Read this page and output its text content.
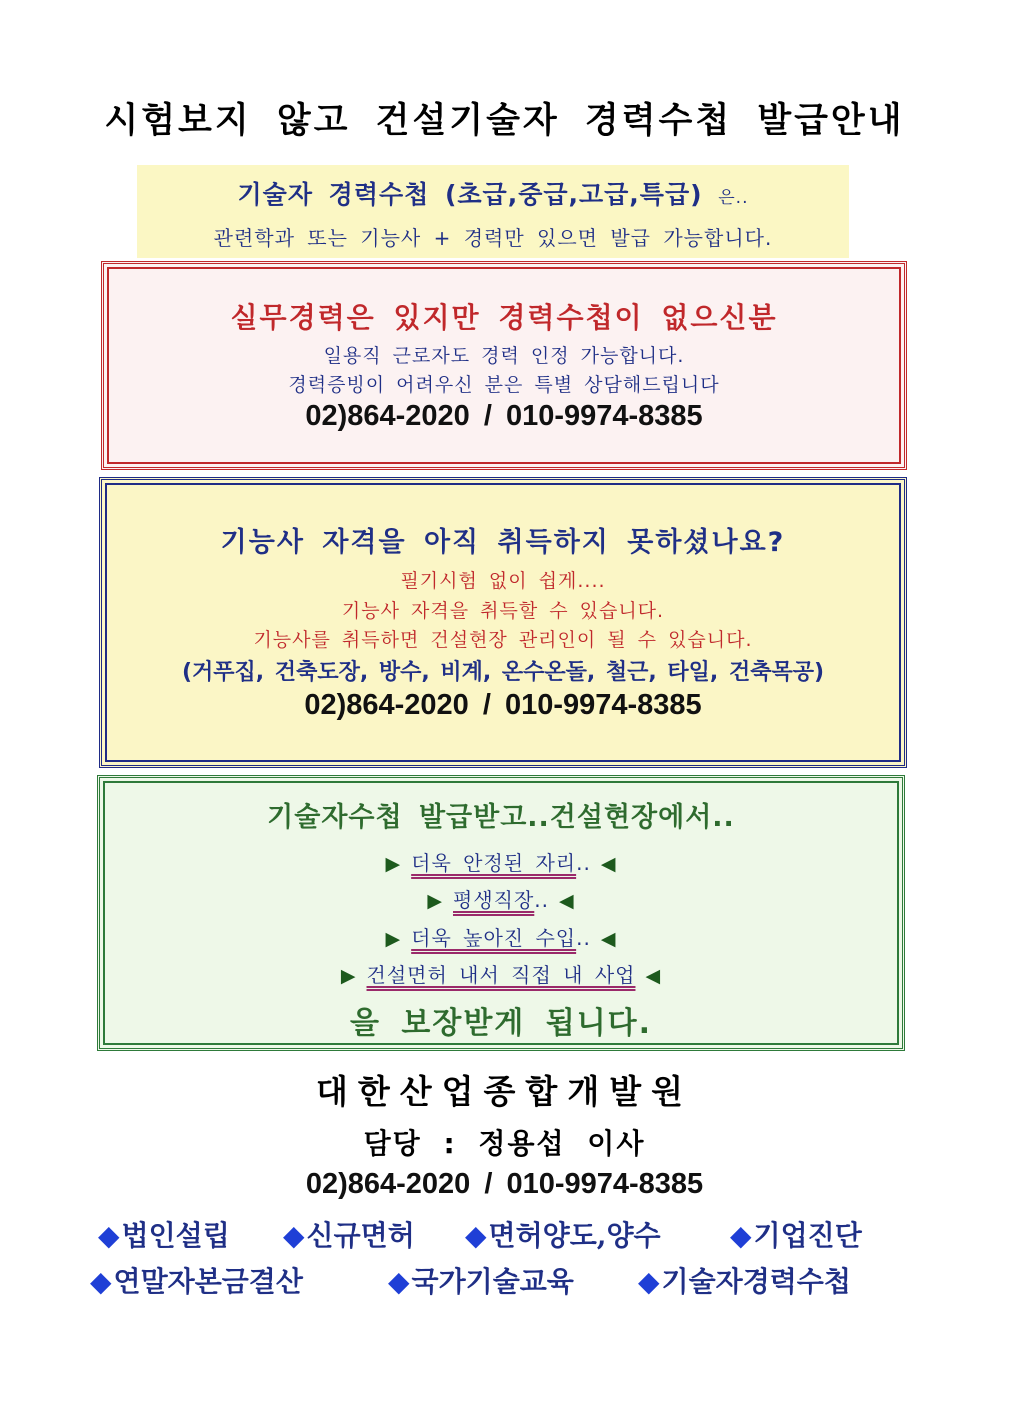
시험보지 않고 건설기술자 경력수첩 발급안내
기술자 경력수첩 (초급,중급,고급,특급) 은..
관련학과 또는 기능사 + 경력만 있으면 발급 가능합니다.
실무경력은 있지만 경력수첩이 없으신분
일용직 근로자도 경력 인정 가능합니다.
경력증빙이 어려우신 분은 특별 상담해드립니다
02)864-2020 / 010-9974-8385
기능사 자격을 아직 취득하지 못하셨나요?
필기시험 없이 쉽게....
기능사 자격을 취득할 수 있습니다.
기능사를 취득하면 건설현장 관리인이 될 수 있습니다.
(거푸집, 건축도장, 방수, 비계, 온수온돌, 철근, 타일, 건축목공)
02)864-2020 / 010-9974-8385
기술자수첩 발급받고..건설현장에서..
▶ 더욱 안정된 자리.. ◀
▶ 평생직장.. ◀
▶ 더욱 높아진 수입.. ◀
▶ 건설면허 내서 직접 내 사업 ◀
을 보장받게 됩니다.
대한산업종합개발원
담당 : 정용섭 이사
02)864-2020 / 010-9974-8385
◆법인설립 ◆신규면허 ◆면허양도,양수 ◆기업진단
◆연말자본금결산	◆국가기술교육 ◆기술자경력수첩
